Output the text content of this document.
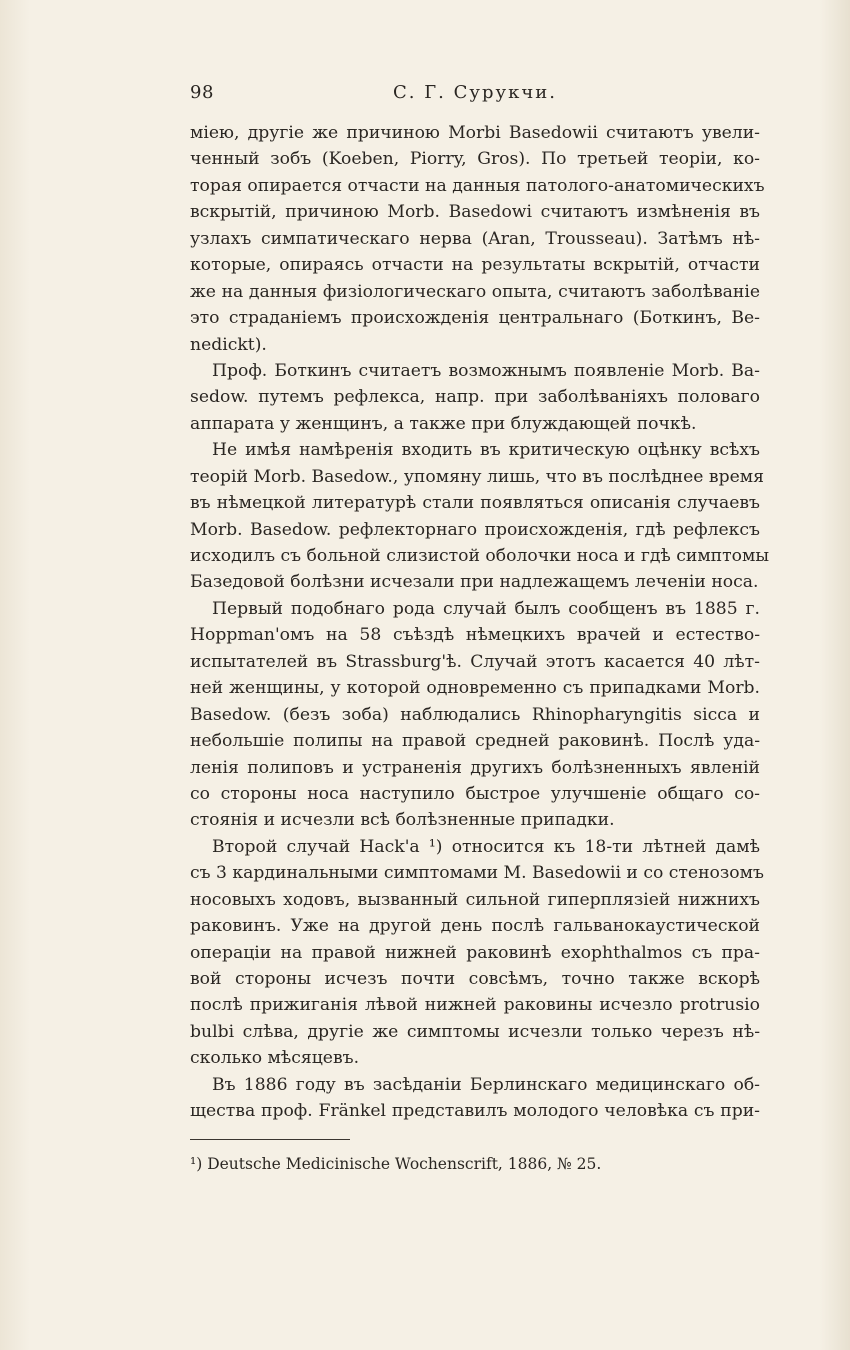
98	С. Г. Сурукчи.
міею, другіе же причиною Morbi Basedowii считаютъ увели-
ченный зобъ (Koeben, Piorry, Gros). По третьей теоріи, ко-
торая опирается отчасти на данныя патолого-анатомическихъ
вскрытій, причиною Morb. Basedowi считаютъ измѣненія въ
узлахъ симпатическаго нерва (Aran, Trousseau). Затѣмъ нѣ-
которые, опираясь отчасти на результаты вскрытій, отчасти
же на данныя физіологическаго опыта, считаютъ заболѣваніе
это страданіемъ происхожденія центральнаго (Боткинъ, Be-
nedickt).
Проф. Боткинъ считаетъ возможнымъ появленіе Morb. Ba-
sedow. путемъ рефлекса, напр. при заболѣваніяхъ половаго
аппарата у женщинъ, а также при блуждающей почкѣ.
Не имѣя намѣренія входить въ критическую оцѣнку всѣхъ
теорій Morb. Basedow., упомяну лишь, что въ послѣднее время
въ нѣмецкой литературѣ стали появляться описанія случаевъ
Morb. Basedow. рефлекторнаго происхожденія, гдѣ рефлексъ
исходилъ съ больной слизистой оболочки носа и гдѣ симптомы
Базедовой болѣзни исчезали при надлежащемъ леченіи носа.
Первый подобнаго рода случай былъ сообщенъ въ 1885 г.
Hoppman'омъ на 58 съѣздѣ нѣмецкихъ врачей и естество-
испытателей въ Strassburg'ѣ. Случай этотъ касается 40 лѣт-
ней женщины, у которой одновременно съ припадками Morb.
Basedow. (безъ зоба) наблюдались Rhinopharyngitis sicca и
небольшіе полипы на правой средней раковинѣ. Послѣ уда-
ленія полиповъ и устраненія другихъ болѣзненныхъ явленій
со стороны носа наступило быстрое улучшеніе общаго со-
стоянія и исчезли всѣ болѣзненные припадки.
Второй случай Hack'а ¹) относится къ 18-ти лѣтней дамѣ
съ 3 кардинальными симптомами M. Basedowii и со стенозомъ
носовыхъ ходовъ, вызванный сильной гиперплязіей нижнихъ
раковинъ. Уже на другой день послѣ гальванокаустической
операціи на правой нижней раковинѣ exophthalmos съ пра-
вой стороны исчезъ почти совсѣмъ, точно также вскорѣ
послѣ прижиганія лѣвой нижней раковины исчезло protrusio
bulbi слѣва, другіе же симптомы исчезли только черезъ нѣ-
сколько мѣсяцевъ.
Въ 1886 году въ засѣданіи Берлинскаго медицинскаго об-
щества проф. Fränkel представилъ молодого человѣка съ при-
¹) Deutsche Medicinische Wochenscrift, 1886, № 25.
